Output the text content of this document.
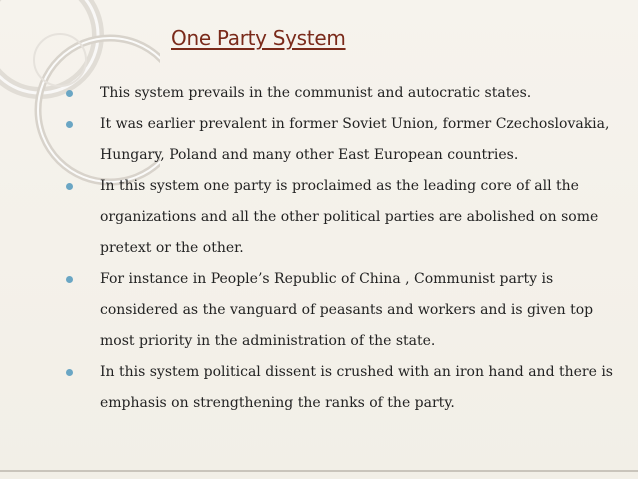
One Party System
This system prevails in the communist and autocratic states.
It was earlier prevalent in former Soviet Union, former Czechoslovakia, Hungary, Poland and many other East European countries.
In this system one party is proclaimed as the leading core of all the organizations and all the other political parties are abolished on some pretext or the other.
For instance in People’s Republic of China , Communist party is considered as the vanguard of peasants and workers and is given top most priority in the administration of the state.
In this system political dissent is crushed with an iron hand and there is emphasis on strengthening the ranks of the party.
